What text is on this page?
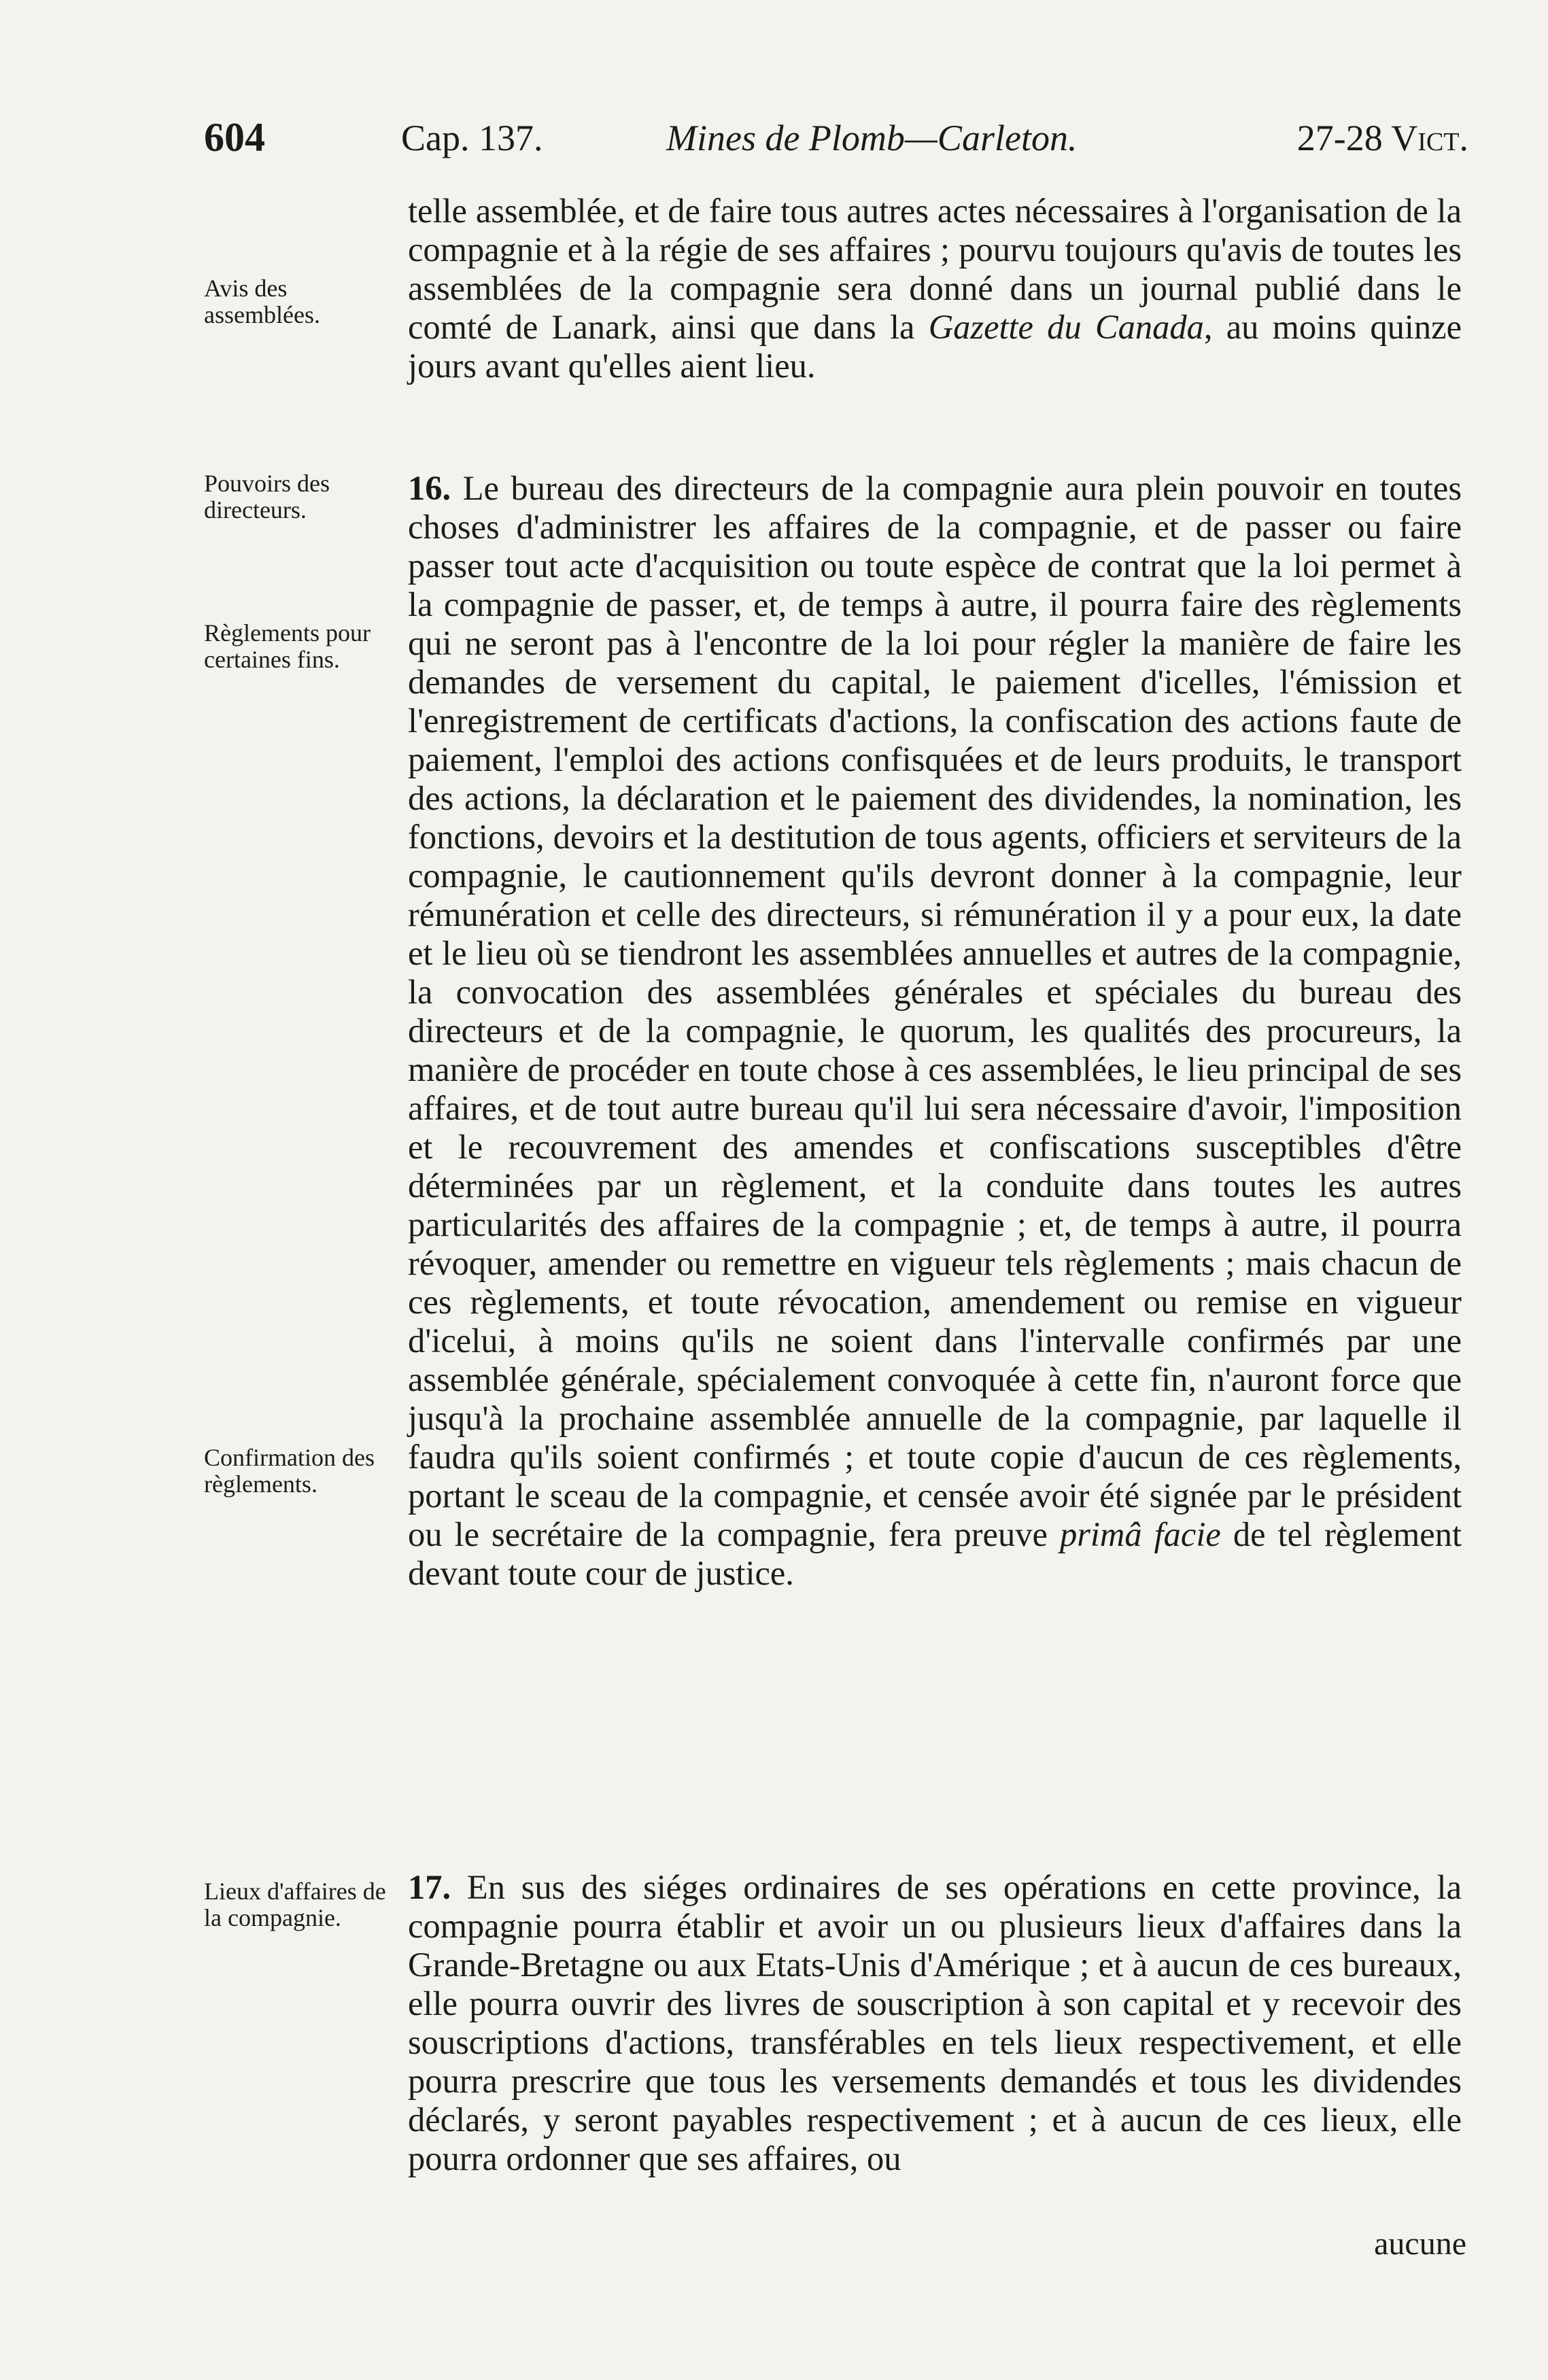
604	Cap. 137.	Mines de Plomb—Carleton.	27-28 Vict.
Avis des assemblées.
Pouvoirs des directeurs.
Règlements pour certaines fins.
Confirmation des règlements.
Lieux d'affaires de la compagnie.
telle assemblée, et de faire tous autres actes nécessaires à l'organisation de la compagnie et à la régie de ses affaires ; pourvu toujours qu'avis de toutes les assemblées de la compagnie sera donné dans un journal publié dans le comté de Lanark, ainsi que dans la Gazette du Canada, au moins quinze jours avant qu'elles aient lieu.
16. Le bureau des directeurs de la compagnie aura plein pouvoir en toutes choses d'administrer les affaires de la compagnie, et de passer ou faire passer tout acte d'acquisition ou toute espèce de contrat que la loi permet à la compagnie de passer, et, de temps à autre, il pourra faire des règlements qui ne seront pas à l'encontre de la loi pour régler la manière de faire les demandes de versement du capital, le paiement d'icelles, l'émission et l'enregistrement de certificats d'actions, la confiscation des actions faute de paiement, l'emploi des actions confisquées et de leurs produits, le transport des actions, la déclaration et le paiement des dividendes, la nomination, les fonctions, devoirs et la destitution de tous agents, officiers et serviteurs de la compagnie, le cautionnement qu'ils devront donner à la compagnie, leur rémunération et celle des directeurs, si rémunération il y a pour eux, la date et le lieu où se tiendront les assemblées annuelles et autres de la compagnie, la convocation des assemblées générales et spéciales du bureau des directeurs et de la compagnie, le quorum, les qualités des procureurs, la manière de procéder en toute chose à ces assemblées, le lieu principal de ses affaires, et de tout autre bureau qu'il lui sera nécessaire d'avoir, l'imposition et le recouvrement des amendes et confiscations susceptibles d'être déterminées par un règlement, et la conduite dans toutes les autres particularités des affaires de la compagnie ; et, de temps à autre, il pourra révoquer, amender ou remettre en vigueur tels règlements ; mais chacun de ces règlements, et toute révocation, amendement ou remise en vigueur d'icelui, à moins qu'ils ne soient dans l'intervalle confirmés par une assemblée générale, spécialement convoquée à cette fin, n'auront force que jusqu'à la prochaine assemblée annuelle de la compagnie, par laquelle il faudra qu'ils soient confirmés ; et toute copie d'aucun de ces règlements, portant le sceau de la compagnie, et censée avoir été signée par le président ou le secrétaire de la compagnie, fera preuve primâ facie de tel règlement devant toute cour de justice.
17. En sus des siéges ordinaires de ses opérations en cette province, la compagnie pourra établir et avoir un ou plusieurs lieux d'affaires dans la Grande-Bretagne ou aux Etats-Unis d'Amérique ; et à aucun de ces bureaux, elle pourra ouvrir des livres de souscription à son capital et y recevoir des souscriptions d'actions, transférables en tels lieux respectivement, et elle pourra prescrire que tous les versements demandés et tous les dividendes déclarés, y seront payables respectivement ; et à aucun de ces lieux, elle pourra ordonner que ses affaires, ou
aucune
